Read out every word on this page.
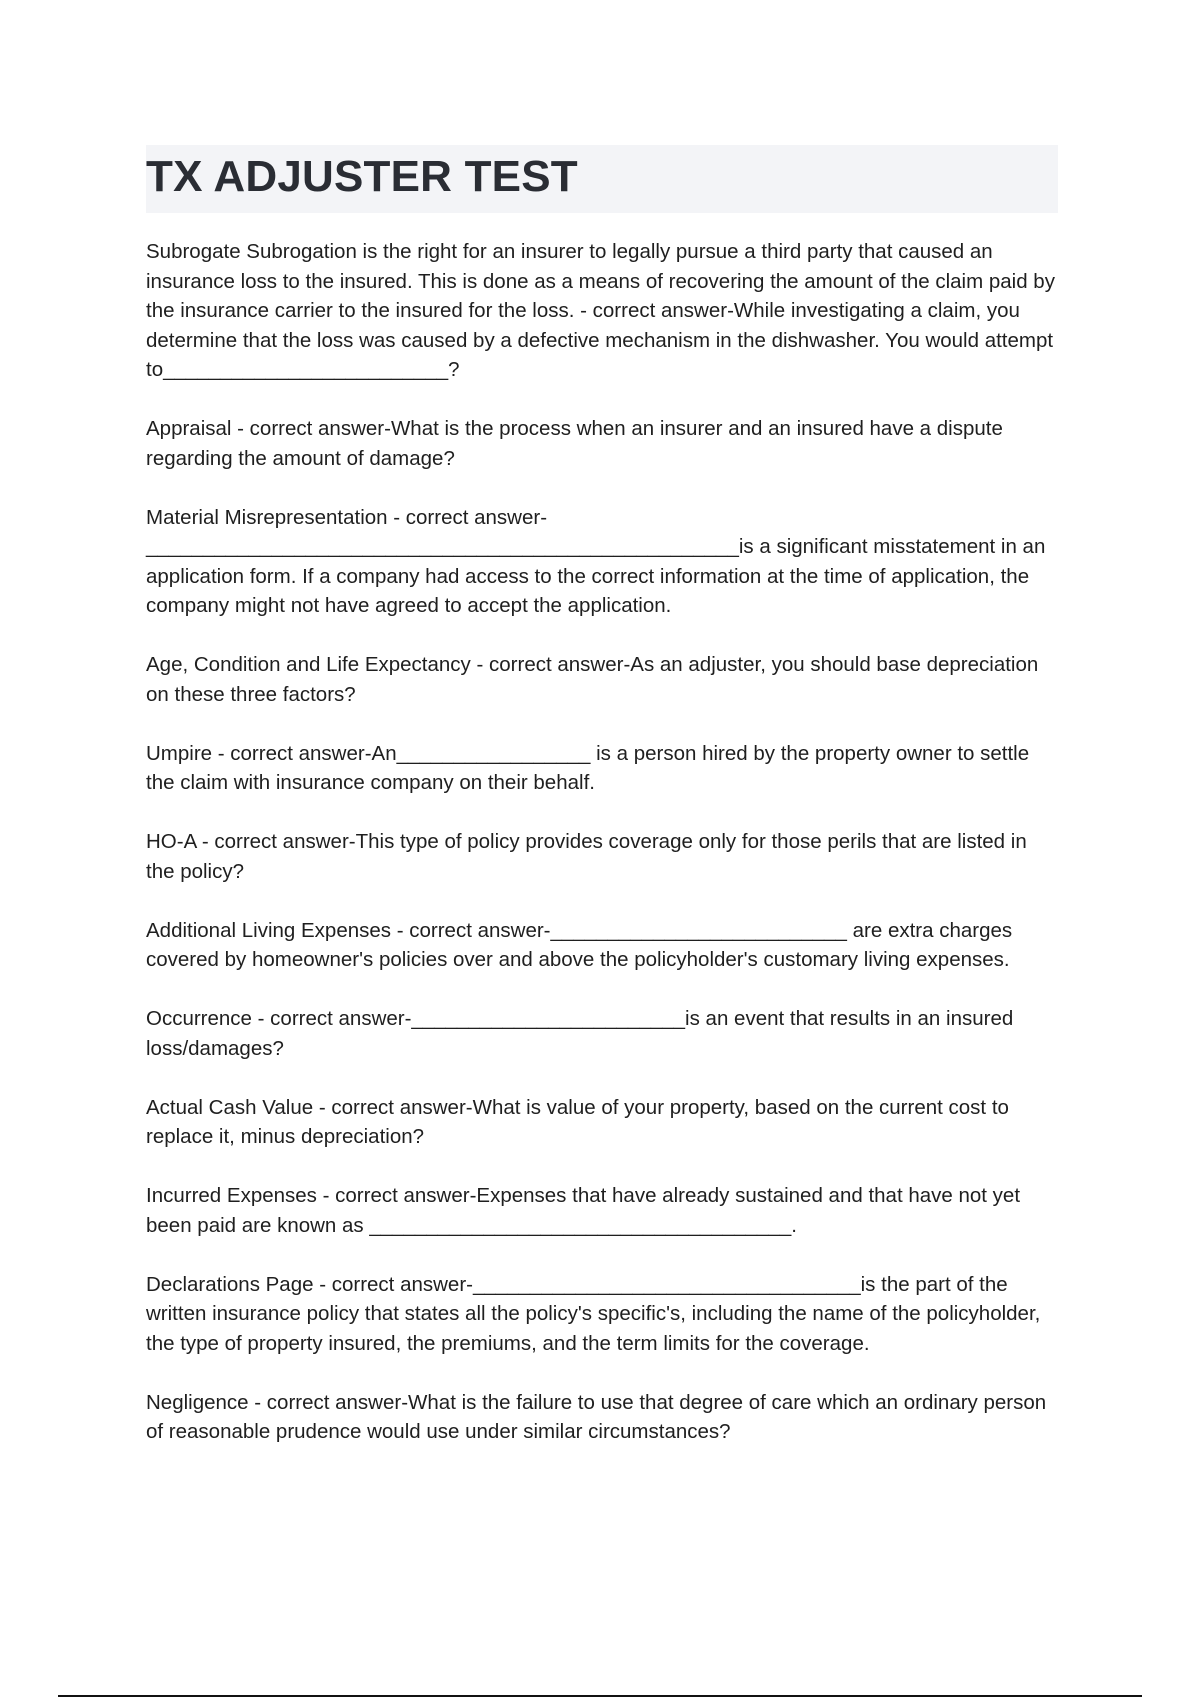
TX ADJUSTER TEST

Subrogate Subrogation is the right for an insurer to legally pursue a third party that caused an insurance loss to the insured. This is done as a means of recovering the amount of the claim paid by the insurance carrier to the insured for the loss. - correct answer-While investigating a claim, you determine that the loss was caused by a defective mechanism in the dishwasher. You would attempt to_________________________?

Appraisal - correct answer-What is the process when an insurer and an insured have a dispute regarding the amount of damage?

Material Misrepresentation - correct answer-____________________________________________________is a significant misstatement in an application form. If a company had access to the correct information at the time of application, the company might not have agreed to accept the application.

Age, Condition and Life Expectancy - correct answer-As an adjuster, you should base depreciation on these three factors?

Umpire - correct answer-An_________________ is a person hired by the property owner to settle the claim with insurance company on their behalf.

HO-A - correct answer-This type of policy provides coverage only for those perils that are listed in the policy?

Additional Living Expenses - correct answer-__________________________ are extra charges covered by homeowner's policies over and above the policyholder's customary living expenses.

Occurrence - correct answer-________________________is an event that results in an insured loss/damages?

Actual Cash Value - correct answer-What is value of your property, based on the current cost to replace it, minus depreciation?

Incurred Expenses - correct answer-Expenses that have already sustained and that have not yet been paid are known as _____________________________________.

Declarations Page - correct answer-__________________________________is the part of the written insurance policy that states all the policy's specific's, including the name of the policyholder, the type of property insured, the premiums, and the term limits for the coverage.

Negligence - correct answer-What is the failure to use that degree of care which an ordinary person of reasonable prudence would use under similar circumstances?
